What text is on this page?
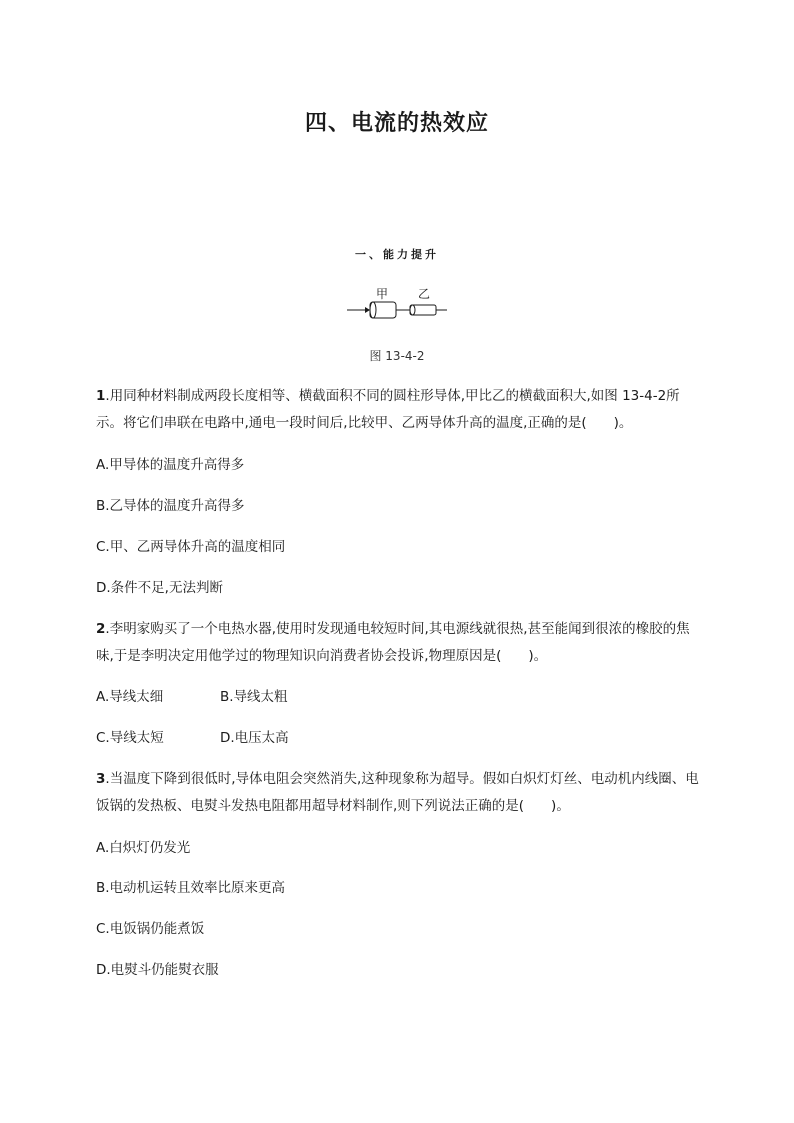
四、电流的热效应
一、能力提升
甲 乙
图 13-4-2
1.用同种材料制成两段长度相等、横截面积不同的圆柱形导体,甲比乙的横截面积大,如图 13-4-2所示。将它们串联在电路中,通电一段时间后,比较甲、乙两导体升高的温度,正确的是(　　)。
A.甲导体的温度升高得多
B.乙导体的温度升高得多
C.甲、乙两导体升高的温度相同
D.条件不足,无法判断
2.李明家购买了一个电热水器,使用时发现通电较短时间,其电源线就很热,甚至能闻到很浓的橡胶的焦味,于是李明决定用他学过的物理知识向消费者协会投诉,物理原因是(　　)。
A.导线太细	B.导线太粗
C.导线太短	D.电压太高
3.当温度下降到很低时,导体电阻会突然消失,这种现象称为超导。假如白炽灯灯丝、电动机内线圈、电饭锅的发热板、电熨斗发热电阻都用超导材料制作,则下列说法正确的是(　　)。
A.白炽灯仍发光
B.电动机运转且效率比原来更高
C.电饭锅仍能煮饭
D.电熨斗仍能熨衣服
